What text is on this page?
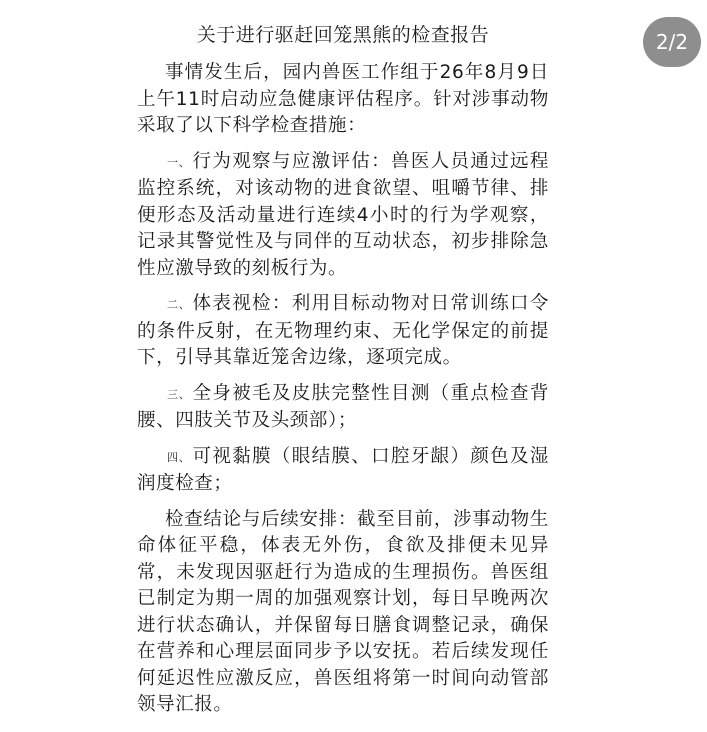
2/2
关于进行驱赶回笼黑熊的检查报告

事情发生后，园内兽医工作组于26年8月9日上午11时启动应急健康评估程序。针对涉事动物采取了以下科学检查措施：

一、 行为观察与应激评估：兽医人员通过远程监控系统，对该动物的进食欲望、咀嚼节律、排便形态及活动量进行连续4小时的行为学观察，记录其警觉性及与同伴的互动状态，初步排除急性应激导致的刻板行为。

二、 体表视检：利用目标动物对日常训练口令的条件反射，在无物理约束、无化学保定的前提下，引导其靠近笼舍边缘，逐项完成。

三、 全身被毛及皮肤完整性目测（重点检查背腰、四肢关节及头颈部）；

四、 可视黏膜（眼结膜、口腔牙龈）颜色及湿润度检查；

检查结论与后续安排：截至目前，涉事动物生命体征平稳，体表无外伤，食欲及排便未见异常，未发现因驱赶行为造成的生理损伤。兽医组已制定为期一周的加强观察计划，每日早晚两次进行状态确认，并保留每日膳食调整记录，确保在营养和心理层面同步予以安抚。若后续发现任何延迟性应激反应，兽医组将第一时间向动管部领导汇报。
